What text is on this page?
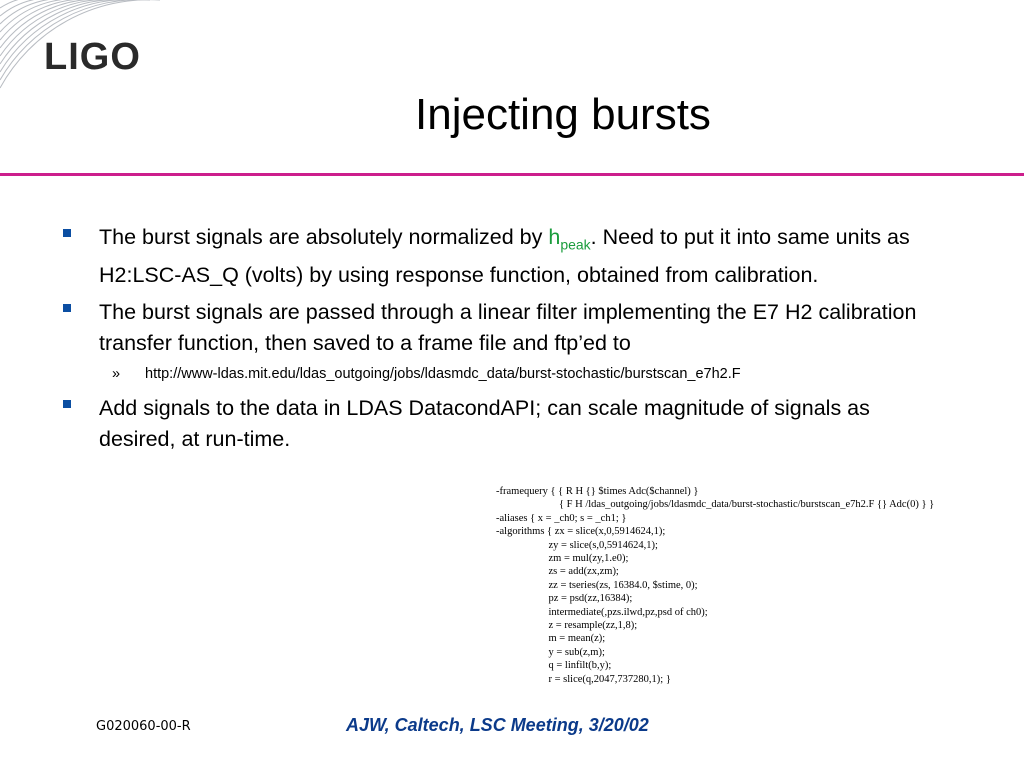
LIGO
Injecting bursts
The burst signals are absolutely normalized by $h_{peak}$. Need to put it into same units as H2:LSC-AS_Q (volts) by using response function, obtained from calibration.
The burst signals are passed through a linear filter implementing the E7 H2 calibration transfer function, then saved to a frame file and ftp’ed to
» http://www-ldas.mit.edu/ldas_outgoing/jobs/ldasmdc_data/burst-stochastic/burstscan_e7h2.F
Add signals to the data in LDAS DatacondAPI; can scale magnitude of signals as desired, at run-time.
-framequery { { R H {} $times Adc($channel) }
{ F H /ldas_outgoing/jobs/ldasmdc_data/burst-stochastic/burstscan_e7h2.F {} Adc(0) } }
-aliases { x = _ch0; s = _ch1; }
-algorithms { zx = slice(x,0,5914624,1);
zy = slice(s,0,5914624,1);
zm = mul(zy,1.e0);
zs = add(zx,zm);
zz = tseries(zs, 16384.0, $stime, 0);
pz = psd(zz,16384);
intermediate(,pzs.ilwd,pz,psd of ch0);
z = resample(zz,1,8);
m = mean(z);
y = sub(z,m);
q = linfilt(b,y);
r = slice(q,2047,737280,1); }
G020060-00-R	AJW, Caltech, LSC Meeting, 3/20/02
